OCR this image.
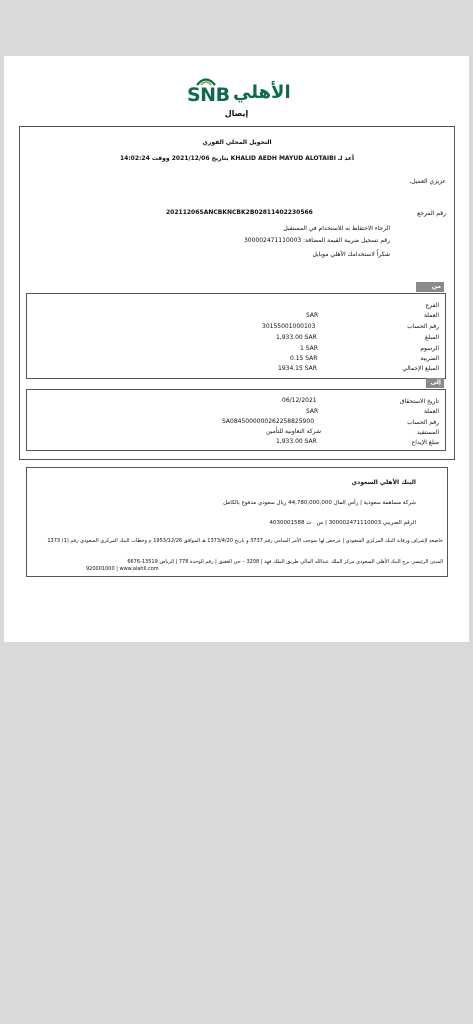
SNB الأهلي
إيصال
التحويل المحلي الفوري
أعد لـ KHALID AEDH MAYUD ALOTAIBI بتاريخ 2021/12/06 ووقت 14:02:24
عزيزي العميل،
رقم المرجع
20211206SANCBKNCBK2B02811402230566
الرجاء الاحتفاظ به للاستخدام في المستقبل
رقم تسجيل ضريبة القيمة المضافة: 300002471110003
شكراً لاستخدامك الأهلي موبايل
من
الفرع
العملة
SAR
رقم الحساب
30155001000103
المبلغ
1,933.00 SAR
الرسوم
1 SAR
الضريبة
0.15 SAR
المبلغ الإجمالي
1934.15 SAR
إلى
تاريخ الاستحقاق
06/12/2021
العملة
SAR
رقم الحساب
SA0845000000262258825900
المستفيد
شركة التعاونية للتأمين
مبلغ الإيداع
1,933.00 SAR
البنك الأهلي السعودي
شركة مساهمة سعودية | رأس المال 44,780,000,000 ريال سعودي مدفوع بالكامل
الرقم الضريبي 300002471110003 | س . ت 4030001588
خاضعة لإشراف ورقابة البنك المركزي السعودي | مرخص لها بموجب الأمر السامي رقم 3737 و تاريخ 1373/4/20 هـ الموافق 1953/12/26 م وخطاب البنك المركزي السعودي رقم (1) 1373
المبنى الرئيسي برج البنك الأهلي السعودي مركز الملك عبدالله المالي طريق الملك فهد | 3208 – حي العقيق | رقم الوحدة 778 | الرياض 13519-6676
920001000 | www.alahli.com
